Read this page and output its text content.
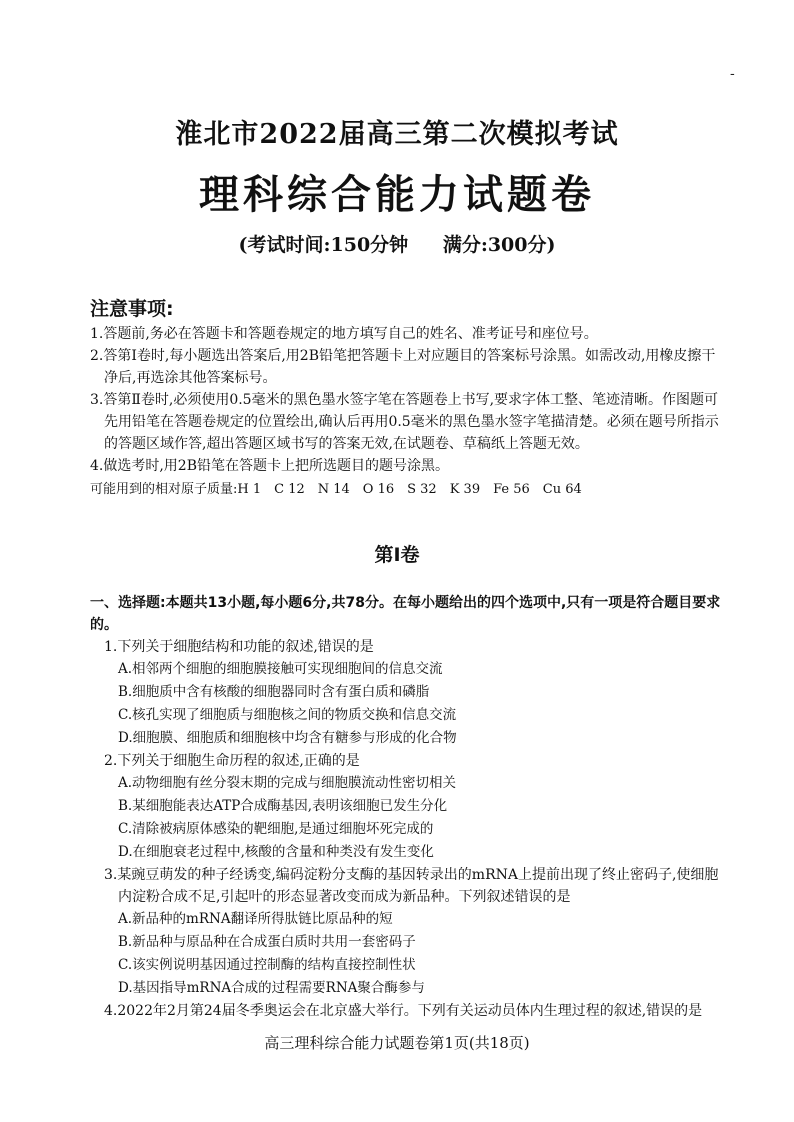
-
淮北市2022届高三第二次模拟考试
理科综合能力试题卷
(考试时间:150分钟 满分:300分)
注意事项:

1.答题前,务必在答题卡和答题卷规定的地方填写自己的姓名、准考证号和座位号。

2.答第Ⅰ卷时,每小题选出答案后,用2B铅笔把答题卡上对应题目的答案标号涂黑。如需改动,用橡皮擦干净后,再选涂其他答案标号。

3.答第Ⅱ卷时,必须使用0.5毫米的黑色墨水签字笔在答题卷上书写,要求字体工整、笔迹清晰。作图题可先用铅笔在答题卷规定的位置绘出,确认后再用0.5毫米的黑色墨水签字笔描清楚。必须在题号所指示的答题区域作答,超出答题区域书写的答案无效,在试题卷、草稿纸上答题无效。

4.做选考时,用2B铅笔在答题卡上把所选题目的题号涂黑。

可能用到的相对原子质量:H 1　C 12　N 14　O 16　S 32　K 39　Fe 56　Cu 64
第Ⅰ卷
一、选择题:本题共13小题,每小题6分,共78分。在每小题给出的四个选项中,只有一项是符合题目要求的。
1.下列关于细胞结构和功能的叙述,错误的是
A.相邻两个细胞的细胞膜接触可实现细胞间的信息交流
B.细胞质中含有核酸的细胞器同时含有蛋白质和磷脂
C.核孔实现了细胞质与细胞核之间的物质交换和信息交流
D.细胞膜、细胞质和细胞核中均含有糖参与形成的化合物
2.下列关于细胞生命历程的叙述,正确的是
A.动物细胞有丝分裂末期的完成与细胞膜流动性密切相关
B.某细胞能表达ATP合成酶基因,表明该细胞已发生分化
C.清除被病原体感染的靶细胞,是通过细胞坏死完成的
D.在细胞衰老过程中,核酸的含量和种类没有发生变化
3.某豌豆萌发的种子经诱变,编码淀粉分支酶的基因转录出的mRNA上提前出现了终止密码子,使细胞内淀粉合成不足,引起叶的形态显著改变而成为新品种。下列叙述错误的是
A.新品种的mRNA翻译所得肽链比原品种的短
B.新品种与原品种在合成蛋白质时共用一套密码子
C.该实例说明基因通过控制酶的结构直接控制性状
D.基因指导mRNA合成的过程需要RNA聚合酶参与
4.2022年2月第24届冬季奥运会在北京盛大举行。下列有关运动员体内生理过程的叙述,错误的是
高三理科综合能力试题卷第1页(共18页)
